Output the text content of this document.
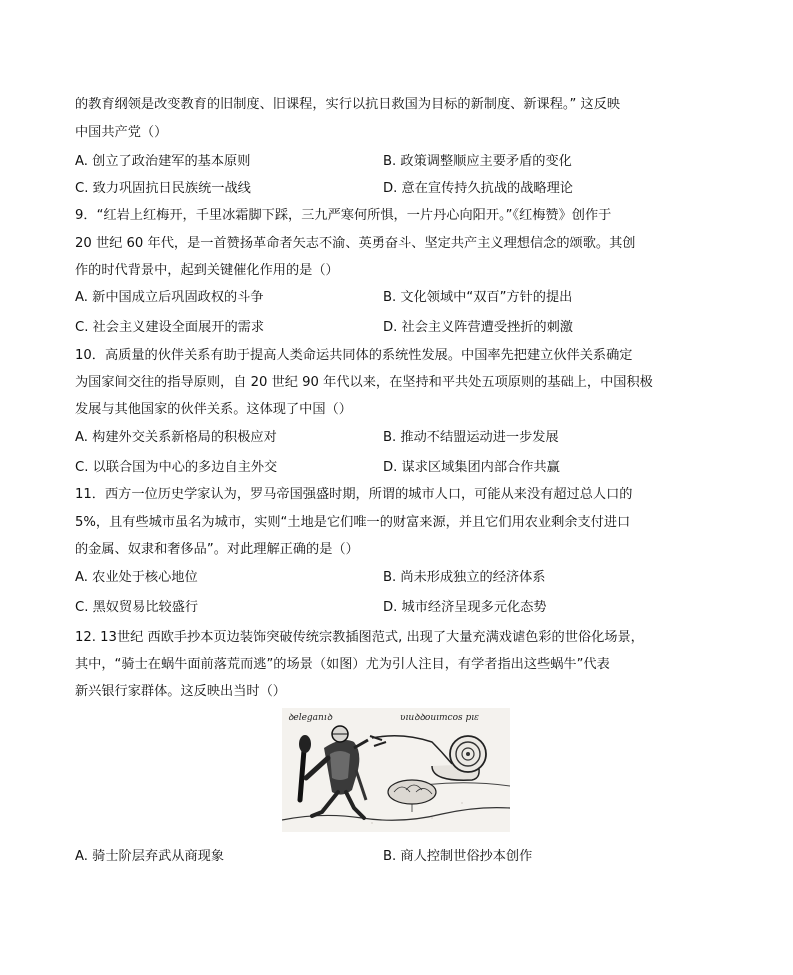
的教育纲领是改变教育的旧制度、旧课程，实行以抗日救国为目标的新制度、新课程。” 这反映
中国共产党（）
A. 创立了政治建军的基本原则	B. 政策调整顺应主要矛盾的变化
C. 致力巩固抗日民族统一战线	D. 意在宣传持久抗战的战略理论
9．“红岩上红梅开，千里冰霜脚下踩，三九严寒何所惧，一片丹心向阳开。”《红梅赞》创作于
20 世纪 60 年代，是一首赞扬革命者矢志不渝、英勇奋斗、坚定共产主义理想信念的颂歌。其创
作的时代背景中，起到关键催化作用的是（）
A. 新中国成立后巩固政权的斗争	B. 文化领域中“双百”方针的提出
C. 社会主义建设全面展开的需求	D. 社会主义阵营遭受挫折的刺激
10．高质量的伙伴关系有助于提高人类命运共同体的系统性发展。中国率先把建立伙伴关系确定
为国家间交往的指导原则，自 20 世纪 90 年代以来，在坚持和平共处五项原则的基础上，中国积极
发展与其他国家的伙伴关系。这体现了中国（）
A. 构建外交关系新格局的积极应对	B. 推动不结盟运动进一步发展
C. 以联合国为中心的多边自主外交	D. 谋求区域集团内部合作共赢
11．西方一位历史学家认为，罗马帝国强盛时期，所谓的城市人口，可能从来没有超过总人口的
5%，且有些城市虽名为城市，实则“土地是它们唯一的财富来源，并且它们用农业剩余支付进口
的金属、奴隶和奢侈品”。对此理解正确的是（）
A. 农业处于核心地位	B. 尚未形成独立的经济体系
C. 黑奴贸易比较盛行	D. 城市经济呈现多元化态势
12. 13世纪 西欧手抄本页边装饰突破传统宗教插图范式, 出现了大量充满戏谑色彩的世俗化场景，
其中，“骑士在蜗牛面前落荒而逃”的场景（如图）尤为引人注目，有学者指出这些蜗牛”代表
新兴银行家群体。这反映出当时（）
ꝺeleganıꝺ	ʋıuꝺꝺouımcoѕ pıɛ
A. 骑士阶层弃武从商现象	B. 商人控制世俗抄本创作
